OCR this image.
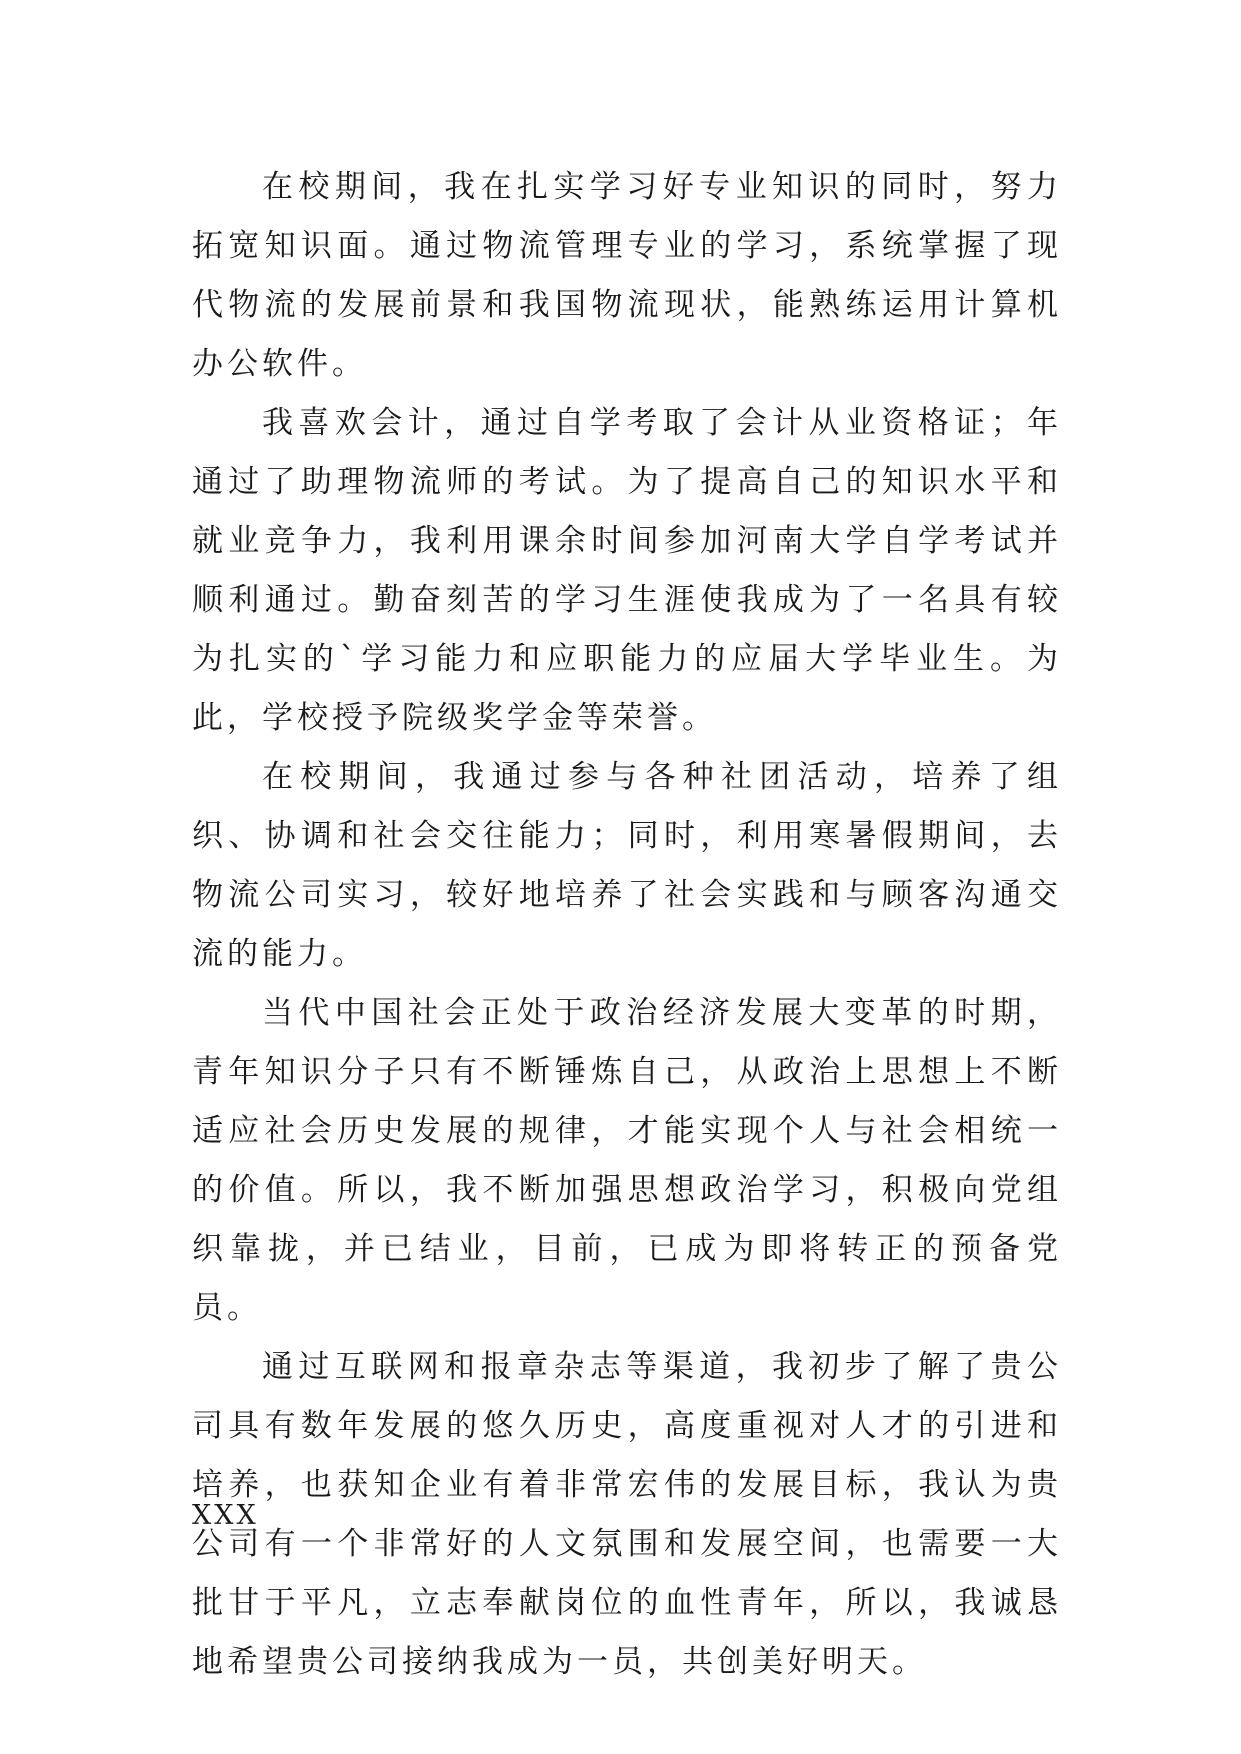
在校期间，我在扎实学习好专业知识的同时，努力拓宽知识面。通过物流管理专业的学习，系统掌握了现代物流的发展前景和我国物流现状，能熟练运用计算机办公软件。

我喜欢会计，通过自学考取了会计从业资格证；年通过了助理物流师的考试。为了提高自己的知识水平和就业竞争力，我利用课余时间参加河南大学自学考试并顺利通过。勤奋刻苦的学习生涯使我成为了一名具有较为扎实的`学习能力和应职能力的应届大学毕业生。为此，学校授予院级奖学金等荣誉。

在校期间，我通过参与各种社团活动，培养了组织、协调和社会交往能力；同时，利用寒暑假期间，去物流公司实习，较好地培养了社会实践和与顾客沟通交流的能力。

当代中国社会正处于政治经济发展大变革的时期，青年知识分子只有不断锤炼自己，从政治上思想上不断适应社会历史发展的规律，才能实现个人与社会相统一的价值。所以，我不断加强思想政治学习，积极向党组织靠拢，并已结业，目前，已成为即将转正的预备党员。

通过互联网和报章杂志等渠道，我初步了解了贵公司具有数年发展的悠久历史，高度重视对人才的引进和培养，也获知企业有着非常宏伟的发展目标，我认为贵公司有一个非常好的人文氛围和发展空间，也需要一大批甘于平凡，立志奉献岗位的血性青年，所以，我诚恳地希望贵公司接纳我成为一员，共创美好明天。

XXX
